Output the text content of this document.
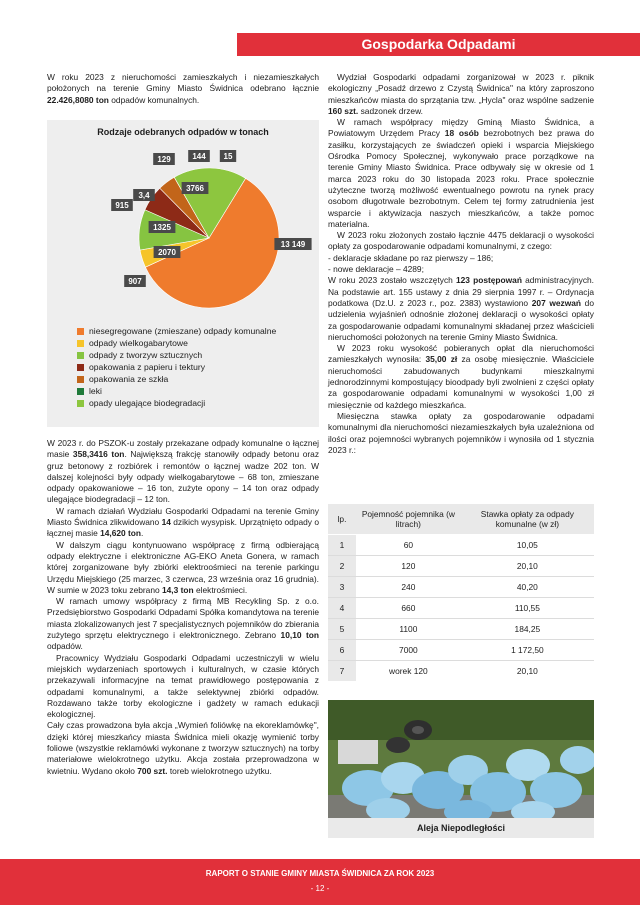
Gospodarka Odpadami

W roku 2023 z nieruchomości zamieszkałych i niezamieszkałych położonych na terenie Gminy Miasto Świdnica odebrano łącznie 22.426,8080 ton odpadów komunalnych.

Rodzaje odebranych odpadów w tonach
13 149
907
2070
1325
915
3,4
3766
129	144 15
niesegregowane (zmieszane) odpady komunalne
odpady wielkogabarytowe
odpady z tworzyw sztucznych
opakowania z papieru i tektury
opakowania ze szkła
leki
opady ulegające biodegradacji

W 2023 r. do PSZOK-u zostały przekazane odpady komunalne o łącznej masie 358,3416 ton. Największą frakcję stanowiły odpady betonu oraz gruz betonowy z rozbiórek i remontów o łącznej wadze 202 ton. W dalszej kolejności były odpady wielkogabarytowe – 68 ton, zmieszane odpady opakowaniowe – 16 ton, zużyte opony – 14 ton oraz odpady ulegające biodegradacji – 12 ton.

W ramach działań Wydziału Gospodarki Odpadami na terenie Gminy Miasto Świdnica zlikwidowano 14 dzikich wysypisk. Uprzątnięto odpady o łącznej masie 14,620 ton.

W dalszym ciągu kontynuowano współpracę z firmą odbierającą odpady elektryczne i elektroniczne AG-EKO Aneta Gonera, w ramach której zorganizowane były zbiórki elektroośmieci na terenie parkingu Urzędu Miejskiego (25 marzec, 3 czerwca, 23 września oraz 16 grudnia). W sumie w 2023 toku zebrano 14,3 ton elektrośmieci.

W ramach umowy współpracy z firmą MB Recykling Sp. z o.o. Przedsiębiorstwo Gospodarki Odpadami Spółka komandytowa na terenie miasta zlokalizowanych jest 7 specjalistycznych pojemników do zbierania zużytego sprzętu elektrycznego i elektronicznego. Zebrano 10,10 ton odpadów.

Pracownicy Wydziału Gospodarki Odpadami uczestniczyli w wielu miejskich wydarzeniach sportowych i kulturalnych, w czasie których przekazywali informacyjne na temat prawidłowego postępowania z odpadami komunalnymi, a także selektywnej zbiórki odpadów. Rozdawano także torby ekologiczne i gadżety w ramach edukacji ekologicznej.

Cały czas prowadzona była akcja „Wymień foliówkę na ekoreklamówkę", dzięki której mieszkańcy miasta Świdnica mieli okazję wymienić torby foliowe (wszystkie reklamówki wykonane z tworzyw sztucznych) na torby materiałowe wielokrotnego użytku. Akcja została przeprowadzona w kwietniu. Wydano około 700 szt. toreb wielokrotnego użytku.

Wydział Gospodarki odpadami zorganizował w 2023 r. piknik ekologiczny „Posadź drzewo z Czystą Świdnica" na który zaproszono mieszkańców miasta do sprzątania tzw. „Hycla" oraz wspólne sadzenie 160 szt. sadzonek drzew.

W ramach współpracy między Gminą Miasto Świdnica, a Powiatowym Urzędem Pracy 18 osób bezrobotnych bez prawa do zasiłku, korzystających ze świadczeń opieki i wsparcia Miejskiego Ośrodka Pomocy Społecznej, wykonywało prace porządkowe na terenie Gminy Miasto Świdnica. Prace odbywały się w okresie od 1 marca 2023 roku do 30 listopada 2023 roku. Prace społecznie użyteczne tworzą możliwość ewentualnego powrotu na rynek pracy osobom długotrwale bezrobotnym. Celem tej formy zatrudnienia jest wsparcie i aktywizacja naszych mieszkańców, a także pomoc materialna.

W 2023 roku złożonych zostało łącznie 4475 deklaracji o wysokości opłaty za gospodarowanie odpadami komunalnymi, z czego:

- deklaracje składane po raz pierwszy – 186;

- nowe deklaracje – 4289;

W roku 2023 zostało wszczętych 123 postępowań administracyjnych. Na podstawie art. 155 ustawy z dnia 29 sierpnia 1997 r. – Ordynacja podatkowa (Dz.U. z 2023 r., poz. 2383) wystawiono 207 wezwań do udzielenia wyjaśnień odnośnie złożonej deklaracji o wysokości opłaty za gospodarowanie odpadami komunalnymi składanej przez właścicieli nieruchomości położonych na terenie Gminy Miasto Świdnica.

W 2023 roku wysokość pobieranych opłat dla nieruchomości zamieszkałych wynosiła: 35,00 zł za osobę miesięcznie. Właściciele nieruchomości zabudowanych budynkami mieszkalnymi jednorodzinnymi kompostujący bioodpady byli zwolnieni z części opłaty za gospodarowanie odpadami komunalnymi w wysokości 1,00 zł miesięcznie od każdego mieszkańca.

Miesięczna stawka opłaty za gospodarowanie odpadami komunalnymi dla nieruchomości niezamieszkałych była uzależniona od ilości oraz pojemności wybranych pojemników i wynosiła od 1 stycznia 2023 r.:

lp.	Pojemność pojemnika (w litrach)	Stawka opłaty za odpady komunalne (w zł)
1	60	10,05
2	120	20,10
3	240	40,20
4	660	110,55
5	1100	184,25
6	7000	1 172,50
7	worek 120	20,10
Aleja Niepodległości
RAPORT O STANIE GMINY MIASTA ŚWIDNICA ZA ROK 2023
- 12 -
